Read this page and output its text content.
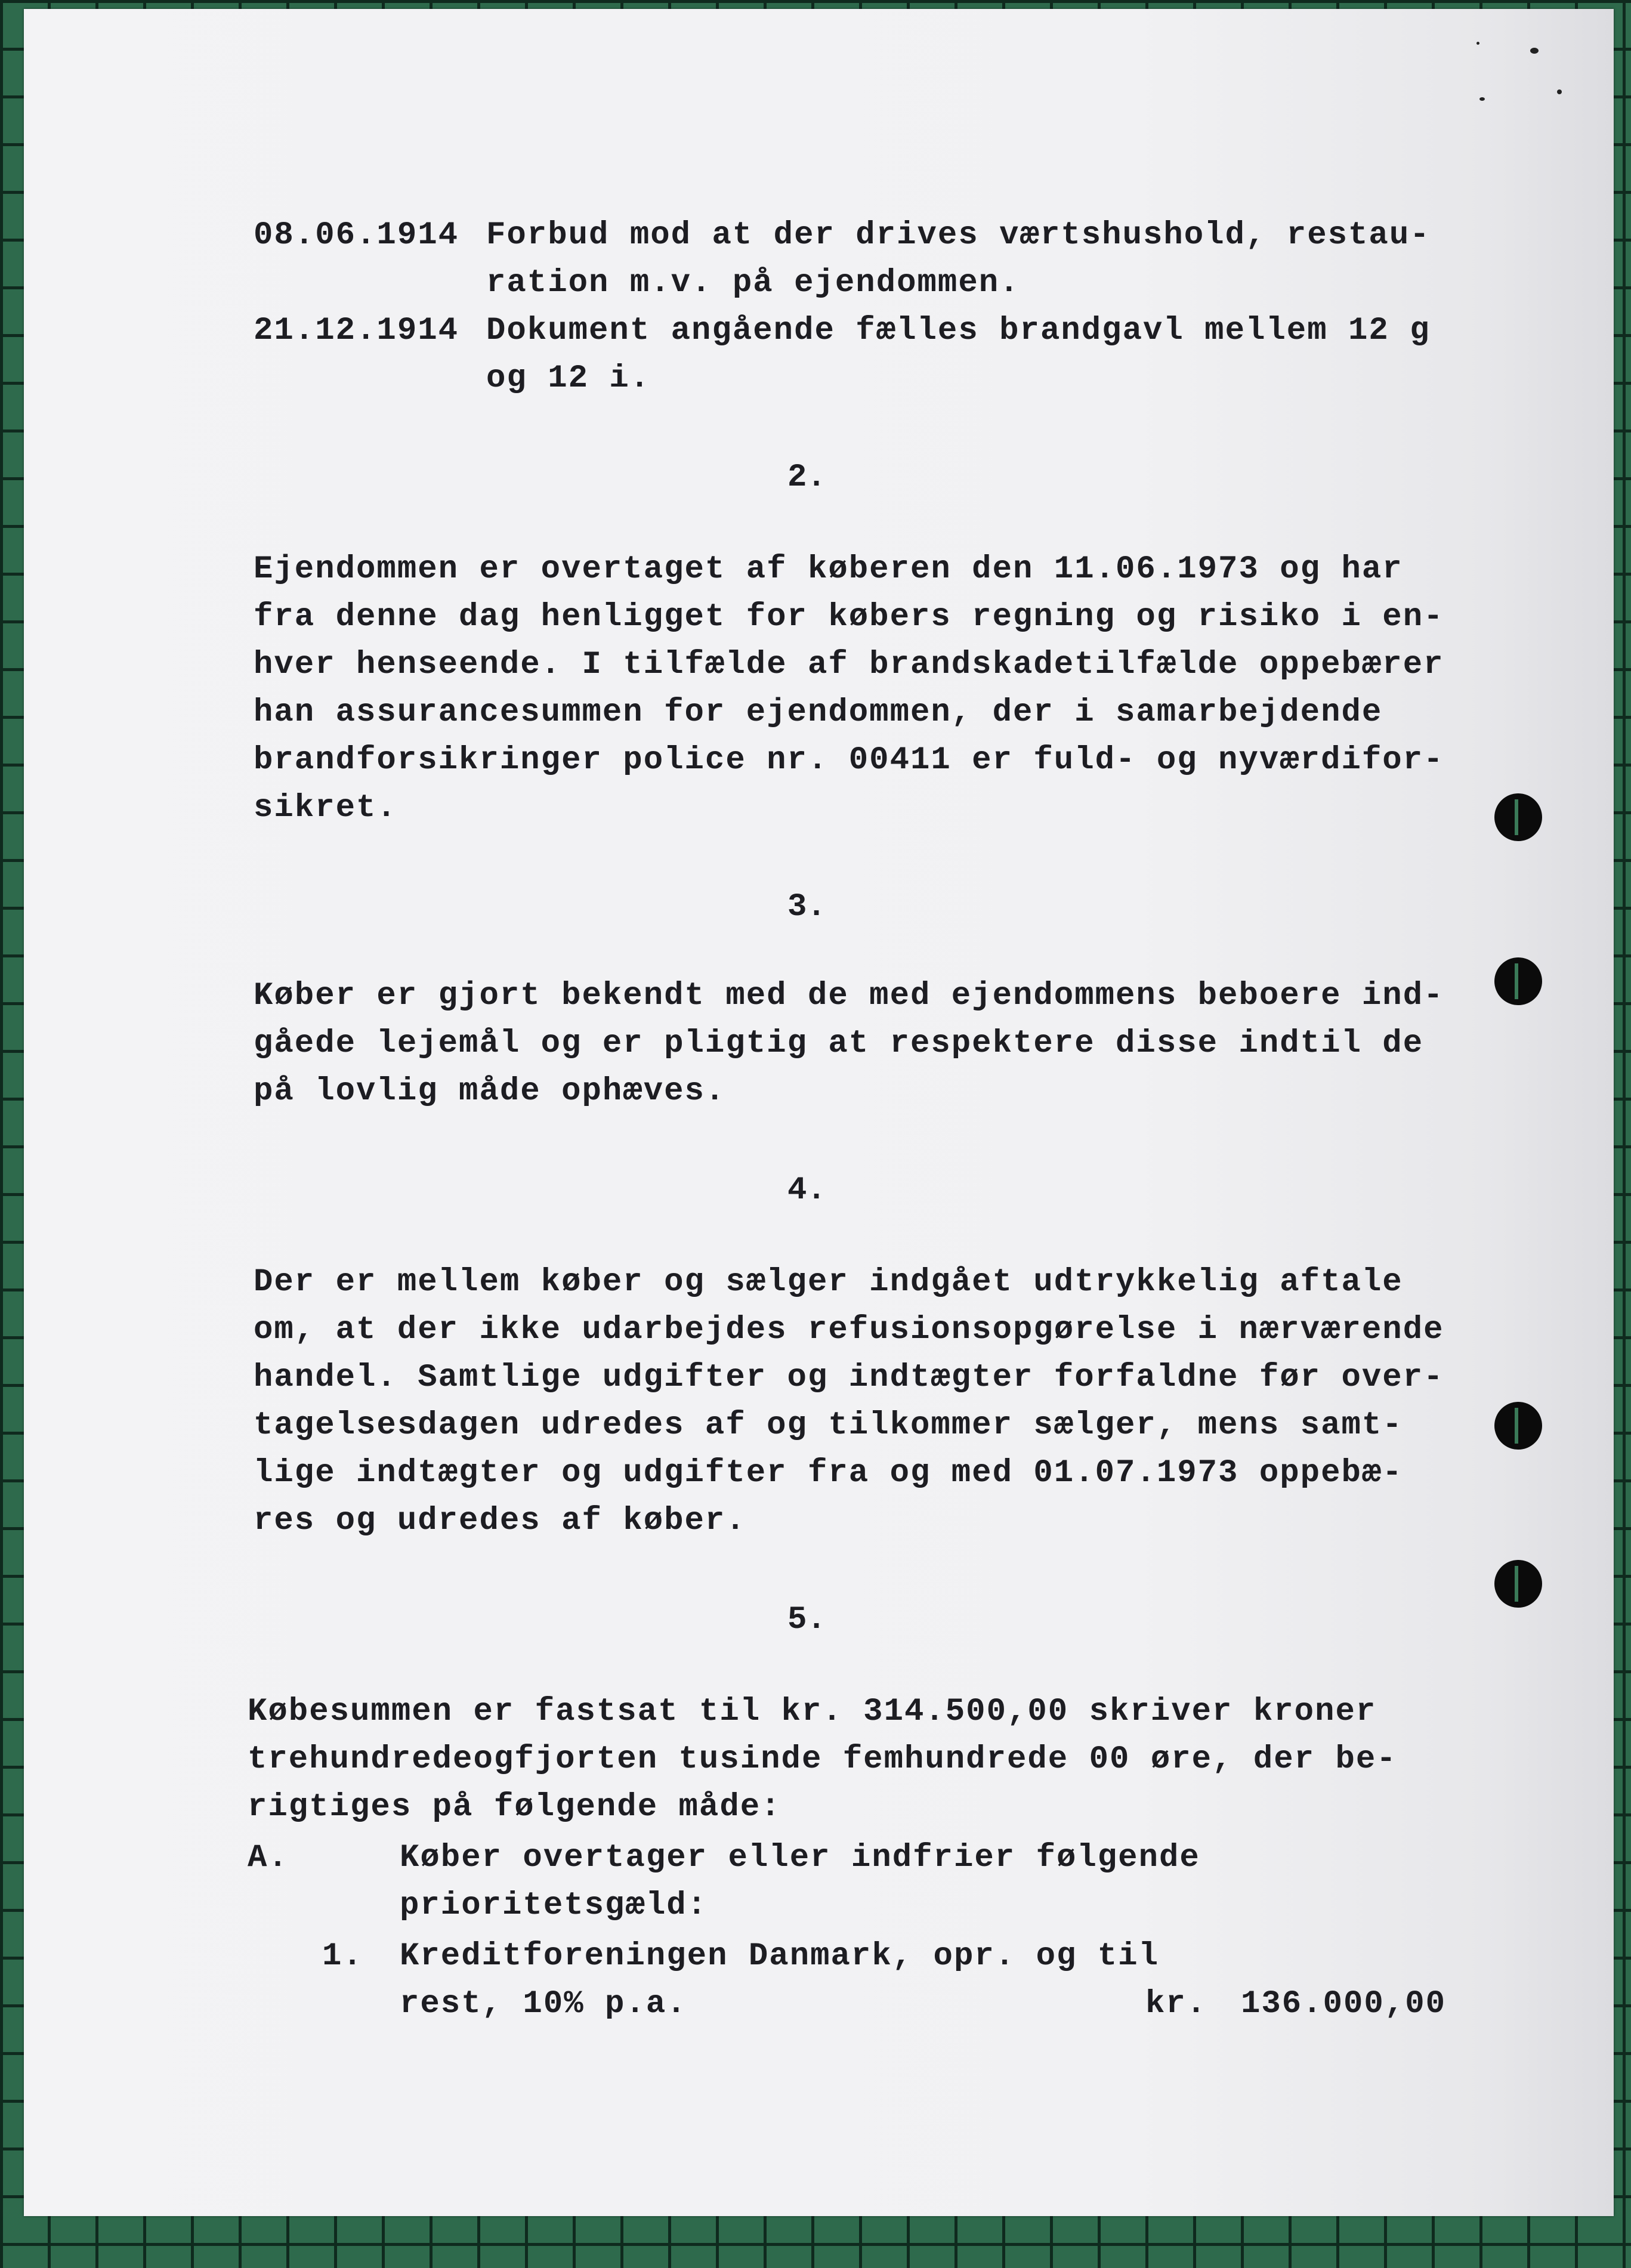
08.06.1914 Forbud mod at der drives værtshushold, restau-
ration m.v. på ejendommen.
21.12.1914 Dokument angående fælles brandgavl mellem 12 g
og 12 i.
2.
Ejendommen er overtaget af køberen den 11.06.1973 og har
fra denne dag henligget for købers regning og risiko i en-
hver henseende. I tilfælde af brandskadetilfælde oppebærer
han assurancesummen for ejendommen, der i samarbejdende
brandforsikringer police nr. 00411 er fuld- og nyværdifor-
sikret.
3.
Køber er gjort bekendt med de med ejendommens beboere ind-
gåede lejemål og er pligtig at respektere disse indtil de
på lovlig måde ophæves.
4.
Der er mellem køber og sælger indgået udtrykkelig aftale
om, at der ikke udarbejdes refusionsopgørelse i nærværende
handel. Samtlige udgifter og indtægter forfaldne før over-
tagelsesdagen udredes af og tilkommer sælger, mens samt-
lige indtægter og udgifter fra og med 01.07.1973 oppebæ-
res og udredes af køber.
5.
Købesummen er fastsat til kr. 314.500,00 skriver kroner
trehundredeogfjorten tusinde femhundrede 00 øre, der be-
rigtiges på følgende måde:
A.	Køber overtager eller indfrier følgende
prioritetsgæld:
1. Kreditforeningen Danmark, opr. og til
rest, 10% p.a.	kr. 136.000,00
